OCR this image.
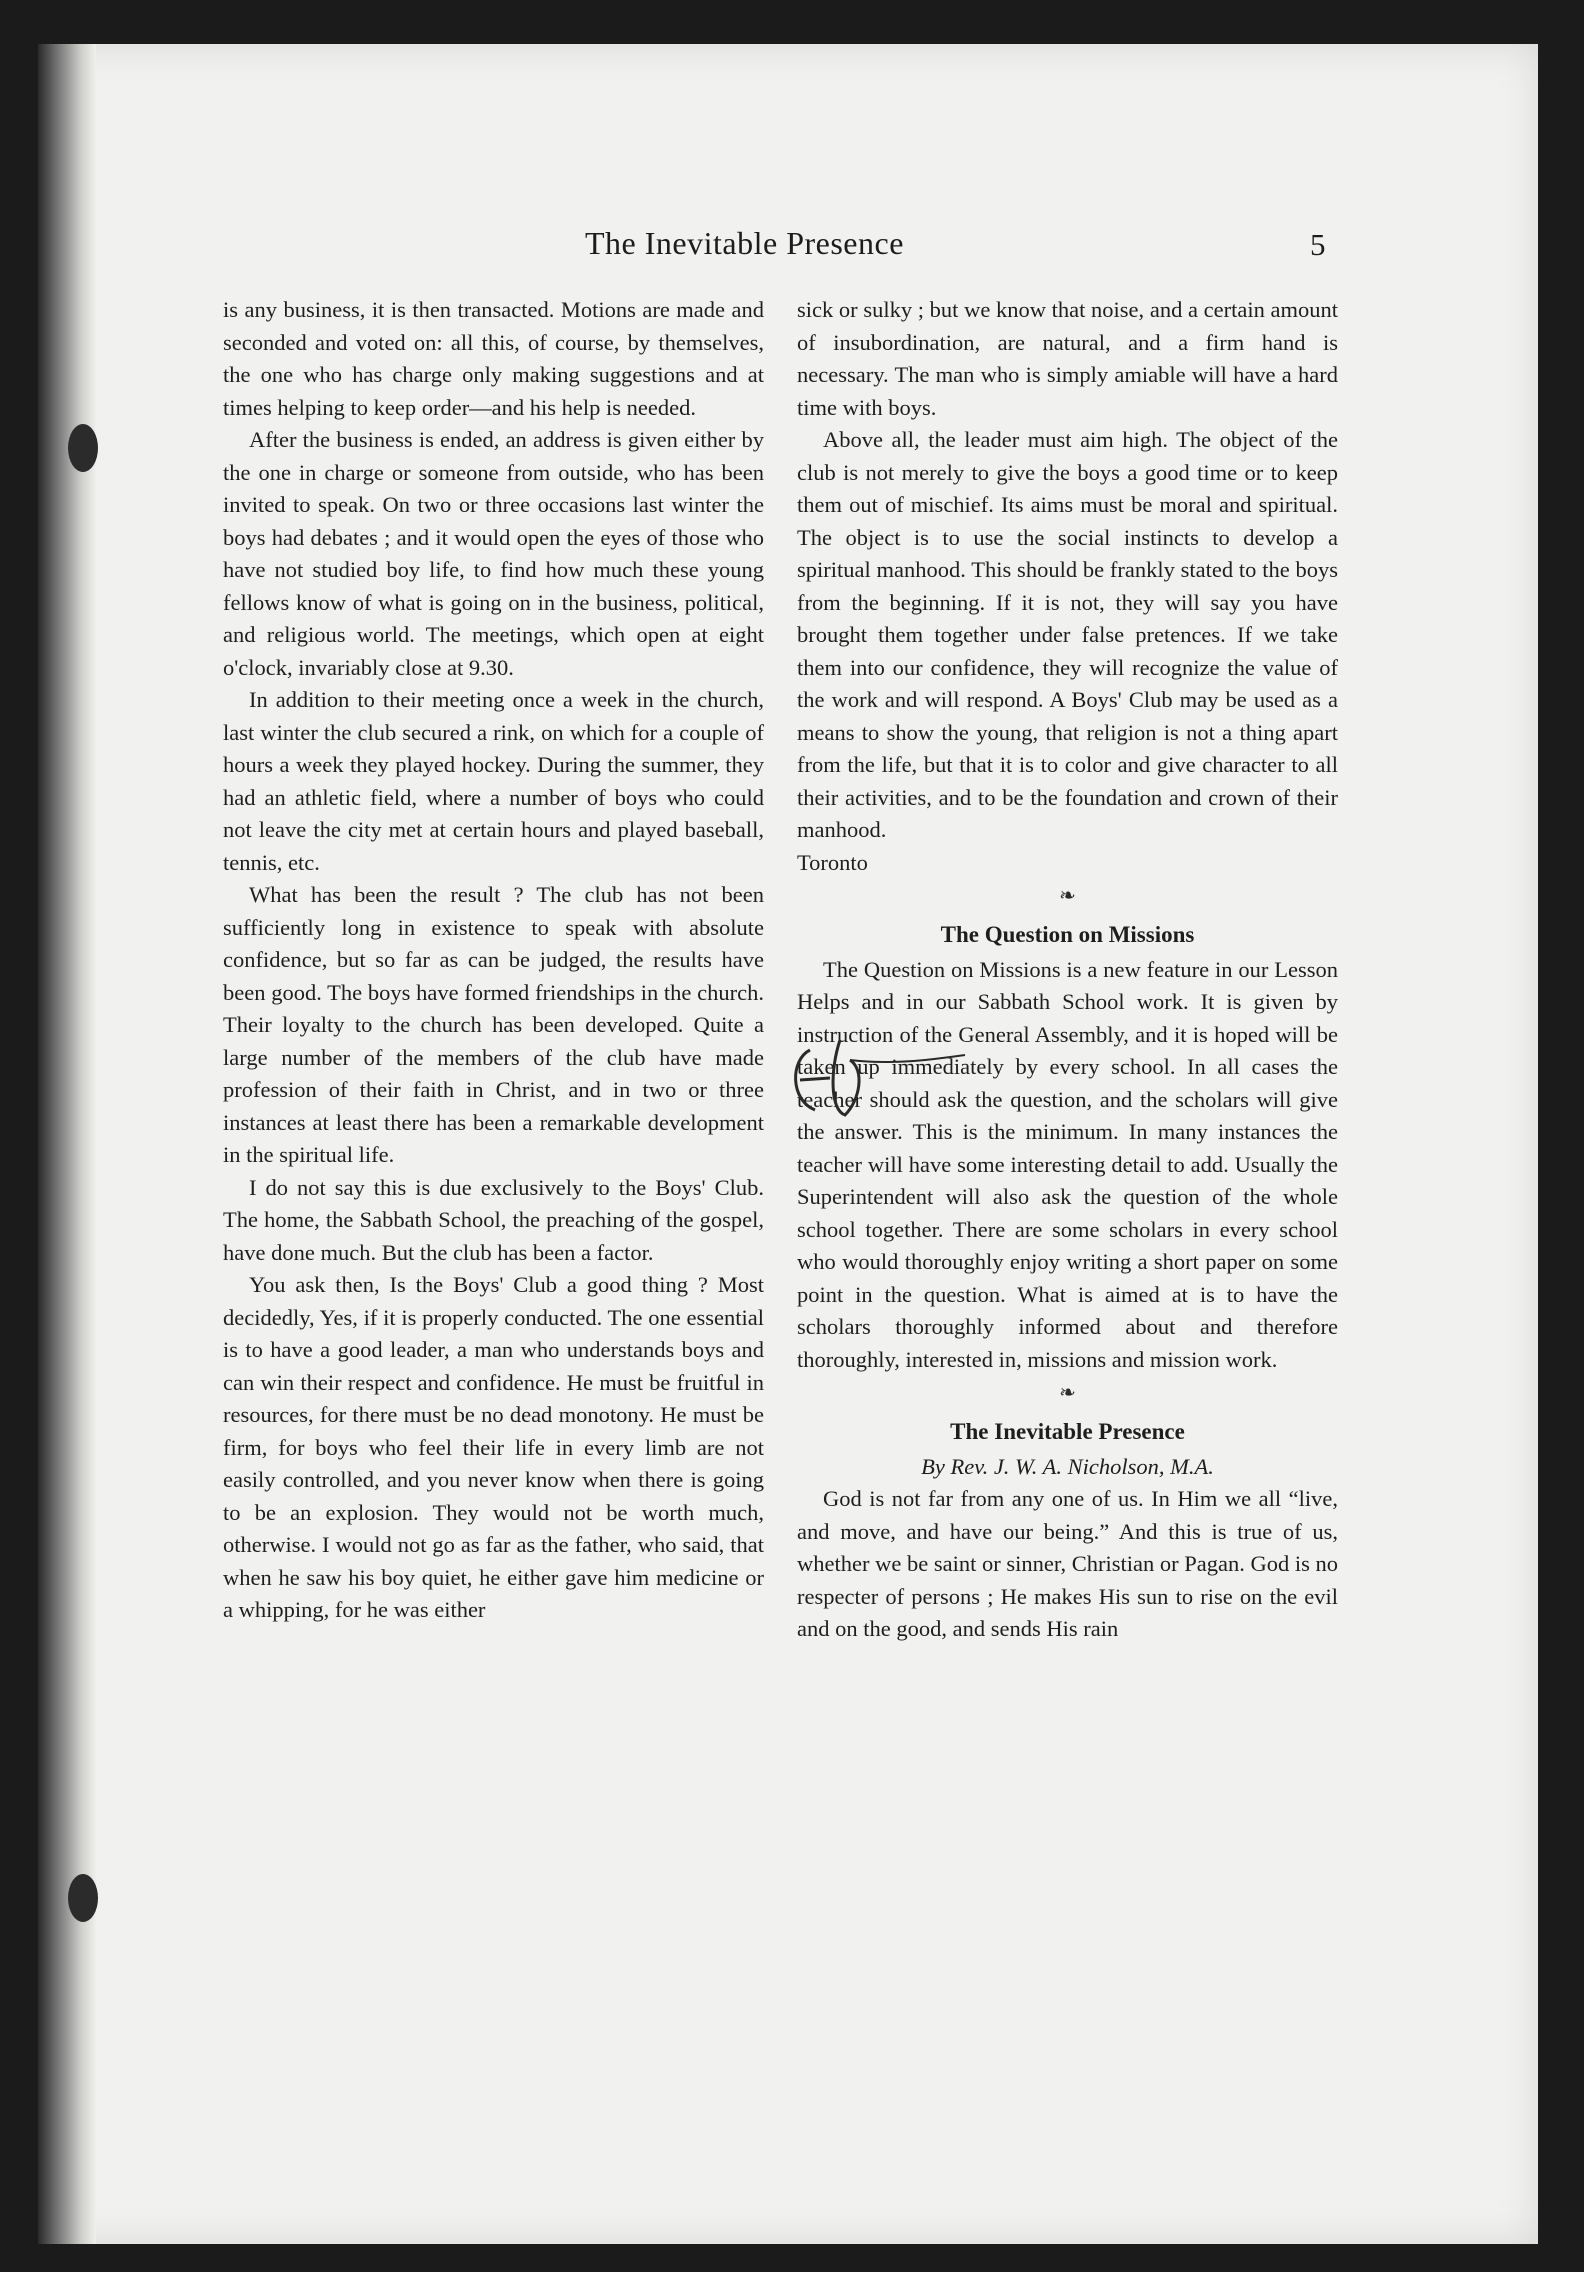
The Inevitable Presence	5

is any business, it is then transacted. Motions are made and seconded and voted on: all this, of course, by themselves, the one who has charge only making suggestions and at times helping to keep order—and his help is needed.

After the business is ended, an address is given either by the one in charge or someone from outside, who has been invited to speak. On two or three occasions last winter the boys had debates ; and it would open the eyes of those who have not studied boy life, to find how much these young fellows know of what is going on in the business, political, and religious world. The meetings, which open at eight o'clock, invariably close at 9.30.

In addition to their meeting once a week in the church, last winter the club secured a rink, on which for a couple of hours a week they played hockey. During the summer, they had an athletic field, where a number of boys who could not leave the city met at certain hours and played baseball, tennis, etc.

What has been the result ? The club has not been sufficiently long in existence to speak with absolute confidence, but so far as can be judged, the results have been good. The boys have formed friendships in the church. Their loyalty to the church has been developed. Quite a large number of the members of the club have made profession of their faith in Christ, and in two or three instances at least there has been a remarkable development in the spiritual life.

I do not say this is due exclusively to the Boys' Club. The home, the Sabbath School, the preaching of the gospel, have done much. But the club has been a factor.

You ask then, Is the Boys' Club a good thing ? Most decidedly, Yes, if it is properly conducted. The one essential is to have a good leader, a man who understands boys and can win their respect and confidence. He must be fruitful in resources, for there must be no dead monotony. He must be firm, for boys who feel their life in every limb are not easily controlled, and you never know when there is going to be an explosion. They would not be worth much, otherwise. I would not go as far as the father, who said, that when he saw his boy quiet, he either gave him medicine or a whipping, for he was either

sick or sulky ; but we know that noise, and a certain amount of insubordination, are natural, and a firm hand is necessary. The man who is simply amiable will have a hard time with boys.

Above all, the leader must aim high. The object of the club is not merely to give the boys a good time or to keep them out of mischief. Its aims must be moral and spiritual. The object is to use the social instincts to develop a spiritual manhood. This should be frankly stated to the boys from the beginning. If it is not, they will say you have brought them together under false pretences. If we take them into our confidence, they will recognize the value of the work and will respond. A Boys' Club may be used as a means to show the young, that religion is not a thing apart from the life, but that it is to color and give character to all their activities, and to be the foundation and crown of their manhood.

Toronto

❧
The Question on Missions

The Question on Missions is a new feature in our Lesson Helps and in our Sabbath School work. It is given by instruction of the General Assembly, and it is hoped will be taken up immediately by every school. In all cases the teacher should ask the question, and the scholars will give the answer. This is the minimum. In many instances the teacher will have some interesting detail to add. Usually the Superintendent will also ask the question of the whole school together. There are some scholars in every school who would thoroughly enjoy writing a short paper on some point in the question. What is aimed at is to have the scholars thoroughly informed about and therefore thoroughly, interested in, missions and mission work.

❧
The Inevitable Presence

By Rev. J. W. A. Nicholson, M.A.

God is not far from any one of us. In Him we all “live, and move, and have our being.” And this is true of us, whether we be saint or sinner, Christian or Pagan. God is no respecter of persons ; He makes His sun to rise on the evil and on the good, and sends His rain
